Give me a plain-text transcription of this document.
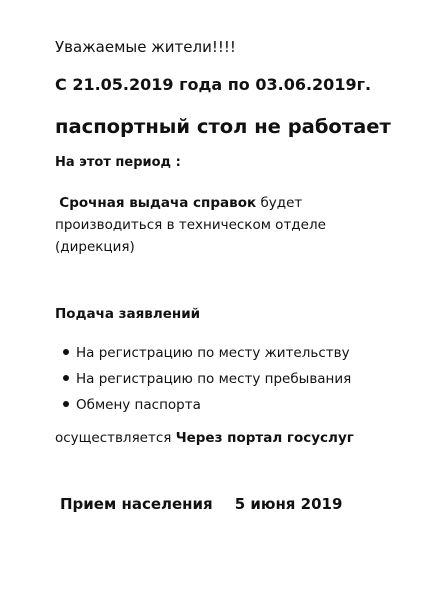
Уважаемые жители!!!!
С 21.05.2019 года по 03.06.2019г.
паспортный стол не работает
На этот период :
Срочная выдача справок будет
производиться в техническом отделе
(дирекция)
Подача заявлений
На регистрацию по месту жительству
На регистрацию по месту пребывания
Обмену паспорта
осуществляется Через портал госуслуг
Прием населения 5 июня 2019
